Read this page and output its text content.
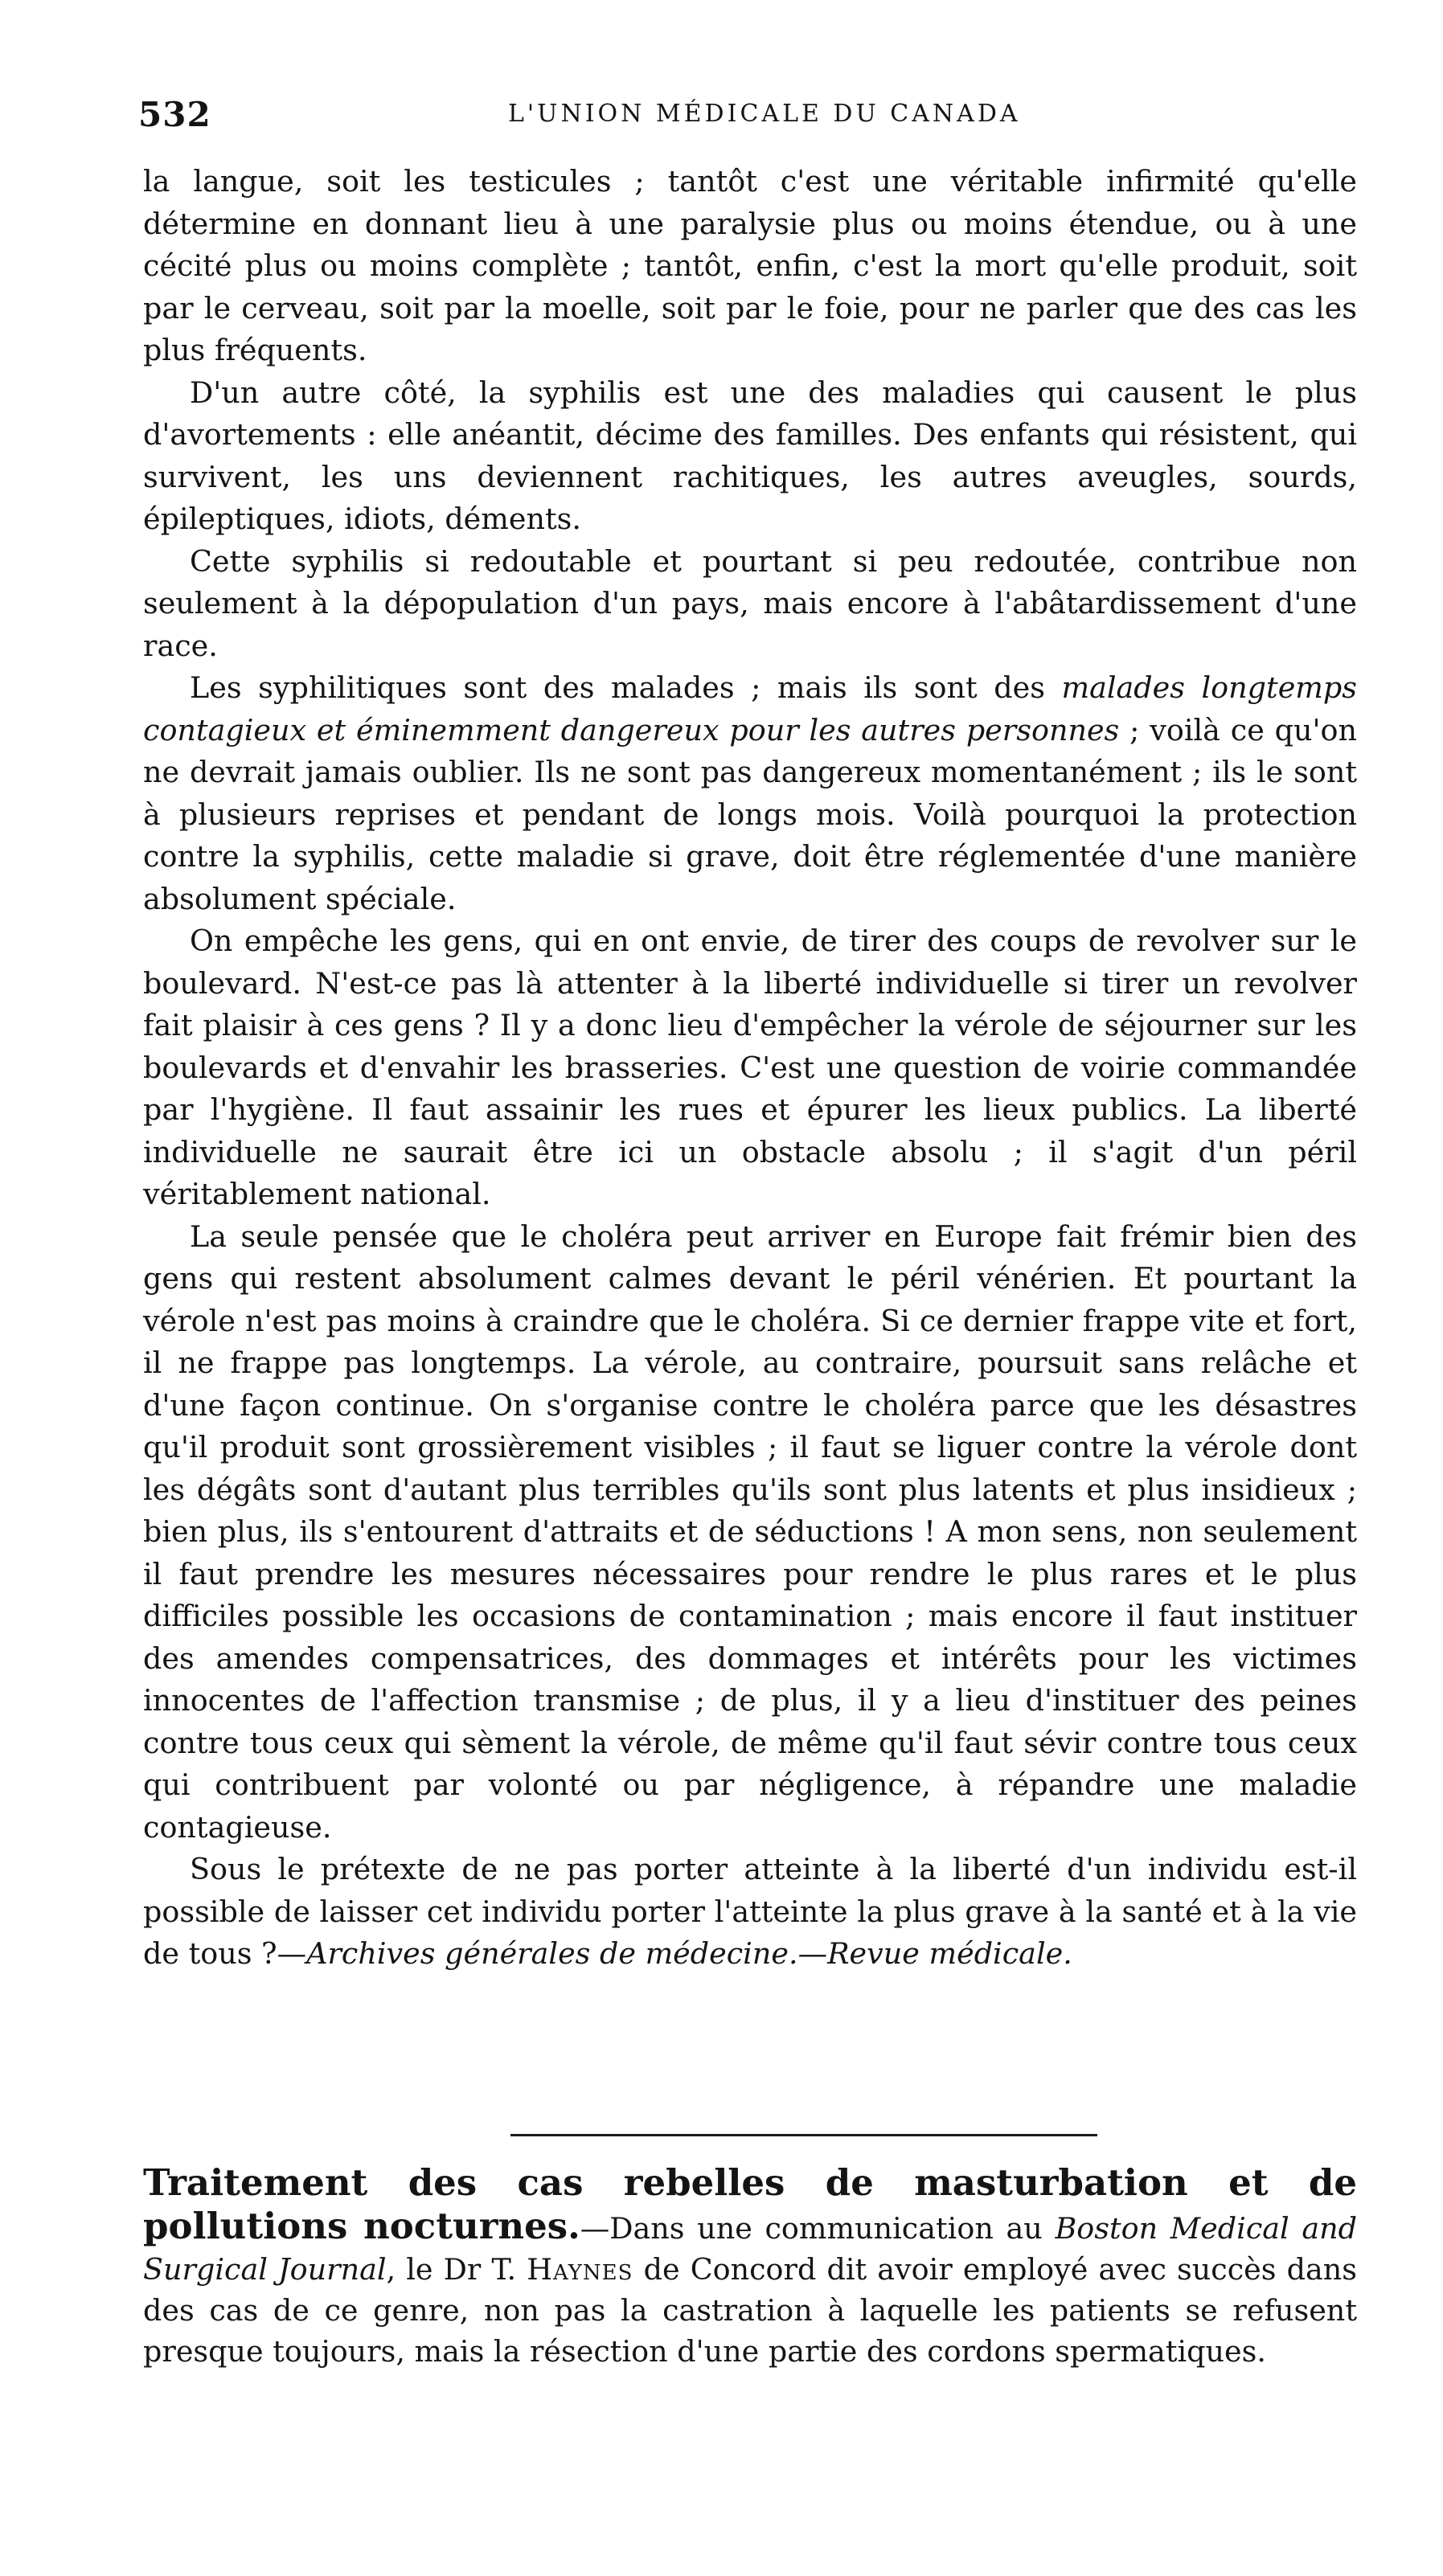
532	L'UNION MÉDICALE DU CANADA

la langue, soit les testicules ; tantôt c'est une véritable infirmité qu'elle détermine en donnant lieu à une paralysie plus ou moins étendue, ou à une cécité plus ou moins complète ; tantôt, enfin, c'est la mort qu'elle produit, soit par le cerveau, soit par la moelle, soit par le foie, pour ne parler que des cas les plus fréquents.

D'un autre côté, la syphilis est une des maladies qui causent le plus d'avortements : elle anéantit, décime des familles. Des enfants qui résistent, qui survivent, les uns deviennent rachitiques, les autres aveugles, sourds, épileptiques, idiots, déments.

Cette syphilis si redoutable et pourtant si peu redoutée, contribue non seulement à la dépopulation d'un pays, mais encore à l'abâtardissement d'une race.

Les syphilitiques sont des malades ; mais ils sont des malades longtemps contagieux et éminemment dangereux pour les autres personnes ; voilà ce qu'on ne devrait jamais oublier. Ils ne sont pas dangereux momentanément ; ils le sont à plusieurs reprises et pendant de longs mois. Voilà pourquoi la protection contre la syphilis, cette maladie si grave, doit être réglementée d'une manière absolument spéciale.

On empêche les gens, qui en ont envie, de tirer des coups de revolver sur le boulevard. N'est-ce pas là attenter à la liberté individuelle si tirer un revolver fait plaisir à ces gens ? Il y a donc lieu d'empêcher la vérole de séjourner sur les boulevards et d'envahir les brasseries. C'est une question de voirie commandée par l'hygiène. Il faut assainir les rues et épurer les lieux publics. La liberté individuelle ne saurait être ici un obstacle absolu ; il s'agit d'un péril véritablement national.

La seule pensée que le choléra peut arriver en Europe fait frémir bien des gens qui restent absolument calmes devant le péril vénérien. Et pourtant la vérole n'est pas moins à craindre que le choléra. Si ce dernier frappe vite et fort, il ne frappe pas longtemps. La vérole, au contraire, poursuit sans relâche et d'une façon continue. On s'organise contre le choléra parce que les désastres qu'il produit sont grossièrement visibles ; il faut se liguer contre la vérole dont les dégâts sont d'autant plus terribles qu'ils sont plus latents et plus insidieux ; bien plus, ils s'entourent d'attraits et de séductions ! A mon sens, non seulement il faut prendre les mesures nécessaires pour rendre le plus rares et le plus difficiles possible les occasions de contamination ; mais encore il faut instituer des amendes compensatrices, des dommages et intérêts pour les victimes innocentes de l'affection transmise ; de plus, il y a lieu d'instituer des peines contre tous ceux qui sèment la vérole, de même qu'il faut sévir contre tous ceux qui contribuent par volonté ou par négligence, à répandre une maladie contagieuse.

Sous le prétexte de ne pas porter atteinte à la liberté d'un individu est-il possible de laisser cet individu porter l'atteinte la plus grave à la santé et à la vie de tous ?—Archives générales de médecine.—Revue médicale.

Traitement des cas rebelles de masturbation et de pollutions nocturnes.—Dans une communication au Boston Medical and Surgical Journal, le Dr T. Haynes de Concord dit avoir employé avec succès dans des cas de ce genre, non pas la castration à laquelle les patients se refusent presque toujours, mais la résection d'une partie des cordons spermatiques.
